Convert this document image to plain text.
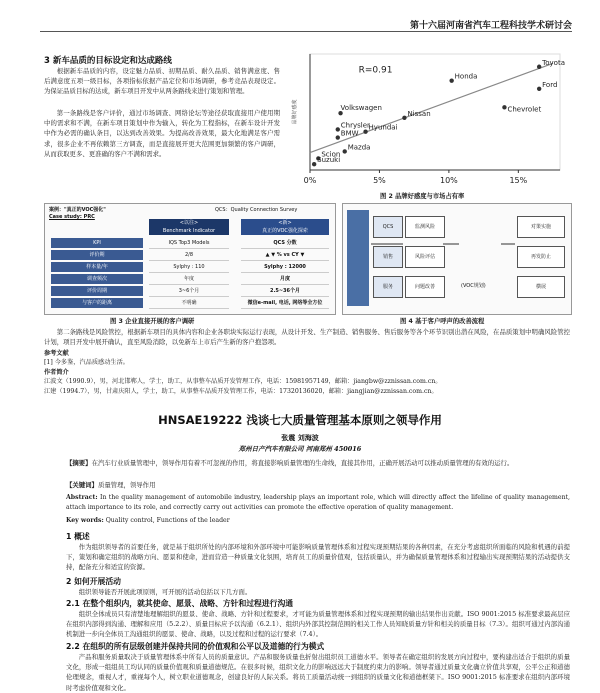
第十六届河南省汽车工程科技学术研讨会
3 新车品质的目标设定和达成路线
根据新车品质的内容，设定魅力品质、初期品质、耐久品质、销售满意度、售后满意度五项一级目标，各项指标依据产品定位和市场调研，参考竞品表现设定。为保证品质目标的达成，新车项目开发中从两条路线来进行策划和管理。
第一条路线是客户评价，通过市场调查、网络论坛等途径获取直接用户使用期中的需求和不满，在新车项目策划中作为输入，转化为工程指标，在新车设计开发中作为必需的确认条目，以达到改善效果。为提高改善效果，最大化地满足客户需求，很多企业不再依赖第三方调查，而是直接展开更大范围更加频繁的客户调研，从而获取更多、更准确的客户不满和需求。
品牌好感度
0%	5%	10%	15%
R=0.91
Toyota
Honda
Ford
Chevrolet
Nissan
Volkswagen
Chrysler
Hyundai
BMW
Mazda
Scion
Suzuki
图 2 品牌好感度与市场占有率
案例："真正的VOC强化"
Case study: PRC
QCS：Quality Connection Survey
<以往>
Benchmark Indicator
<新>
真正的VOC强化探索
KPI	IQS Top3 Models	QCS 分数
评价期	2/8	▲ ▼ % vs CY ▼
样本量/年	Sylphy : 110	Sylphy : 12000
调查频次	年度	月度
评价周期	3~6个月	2.5~36个月
与客户的距离	不明确	微信e-mail, 电话, 网络等全方位
图 3 企业直接开展的客户调研
QCS
销售
服务
监测风险
风险评估
问题改善
对策实施
再发防止
横展
(VOC规划)
图 4 基于客户呼声的改善流程
第二条路线是风险管控，根据新车项目的具体内容和企业各职块实际运行表现，从设计开发、生产制造、销售服务、售后服务等各个环节识别出潜在风险，在品质策划中明确风险管控计划，项目开发中展开确认，直至风险消除，以免新车上市后产生新的客户抱怨项。
参考文献
[1] 今多鉴，汽品质感动生活。
作者简介
江波文（1990.9），男，河北邯郸人，学士，助工，从事整车品质开发管理工作，电话：15981957149，邮箱：jiangbw@zznissan.com.cn。
江建（1994.7），男，甘肃庆阳人，学士，助工，从事整车品质开发管理工作，电话：17320136020，邮箱：jiangjian@zznissan.com.cn。
HNSAE19222 浅谈七大质量管理基本原则之领导作用
张震 刘海波
郑州日产汽车有限公司 河南郑州 450016
【摘要】在汽车行业质量管理中，领导作用有着不可忽视的作用，将直接影响质量管理的生命线，直接其作用，正确开展活动可以推动质量管理的有效的运行。
【关键词】质量管理，领导作用
Abstract: In the quality management of automobile industry, leadership plays an important role, which will directly affect the lifeline of quality management, attach importance to its role, and correctly carry out activities can promote the effective operation of quality management.
Key words: Quality control, Functions of the leader
1 概述
作为组织领导者的首要任务，就是基于组织所处的内部环境和外部环境中可能影响质量管理体系和过程实现预期结果的各种因素，在充分考虑组织所面临的风险和机遇的前提下，策划和确定组织的战略方向、愿景和使命，进而营造一种质量文化氛围，培育员工的质量价值观，包括质量认，并为确保质量管理体系和过程输出实现预期结果的活动提供支持，配备充分和适宜的资源。
2 如何开展活动
组织领导能否开展此项原则，可开展的活动包括以下几方面。
2.1 在整个组织内，就其使命、愿景、战略、方针和过程进行沟通
组织全体成员只有清楚地理解组织的愿景、使命、战略、方针和过程要求，才可能为质量管理体系和过程实现预期的输出结果作出贡献。ISO 9001:2015 标准要求最高层应在组织内部得到沟通、理解和应用（5.2.2）、质量目标应予以沟通（6.2.1）、组织内外部其控制范围的相关工作人员知晓质量方针和相关的质量目标（7.3）。组织可通过内部沟通机制进一步向全体员工沟通组织的愿景、使命、战略，以及过程和过程的运行要求（7.4）。
2.2 在组织的所有层级创建并保持共同的价值观和公平以及道德的行为模式
产品和服务质量取决于质量管理体系中所有人员的质量意识。产品和服务质量也折射出组织员工道德水平。领导者在确定组织的发展方向过程中，要构建出适合于组织的质量文化，形成一组组员工均认同的质量价值观和质量道德规范。在很多时候，组织文化力的影响远远大于制度约束力的影响。领导者通过质量文化确立价值共享观，公平公正和道德伦理规念，重视人才，重视每个人，树立职业道德观念，创建良好的人际关系。将员工质量活动统一到组织的质量文化和道德框架下。ISO 9001:2015 标准要求在组织内部环境时考虑价值观和文化。
